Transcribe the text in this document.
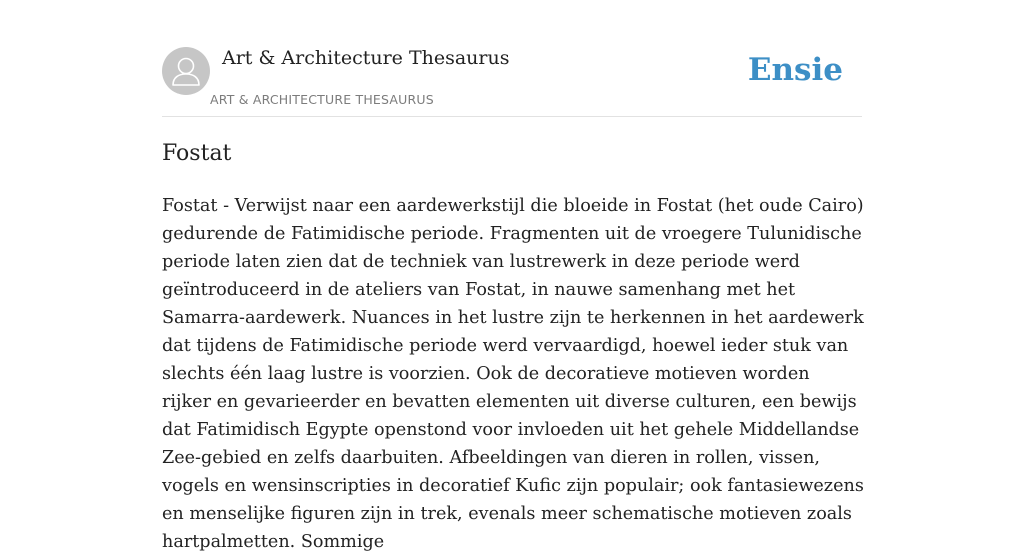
Art & Architecture Thesaurus
ART & ARCHITECTURE THESAURUS
Ensie
Fostat

Fostat - Verwijst naar een aardewerkstijl die bloeide in Fostat (het oude Cairo) gedurende de Fatimidische periode. Fragmenten uit de vroegere Tulunidische periode laten zien dat de techniek van lustrewerk in deze periode werd geïntroduceerd in de ateliers van Fostat, in nauwe samenhang met het Samarra-aardewerk. Nuances in het lustre zijn te herkennen in het aardewerk dat tijdens de Fatimidische periode werd vervaardigd, hoewel ieder stuk van slechts één laag lustre is voorzien. Ook de decoratieve motieven worden rijker en gevarieerder en bevatten elementen uit diverse culturen, een bewijs dat Fatimidisch Egypte openstond voor invloeden uit het gehele Middellandse Zee-gebied en zelfs daarbuiten. Afbeeldingen van dieren in rollen, vissen, vogels en wensinscripties in decoratief Kufic zijn populair; ook fantasiewezens en menselijke figuren zijn in trek, evenals meer schematische motieven zoals hartpalmetten. Sommige
